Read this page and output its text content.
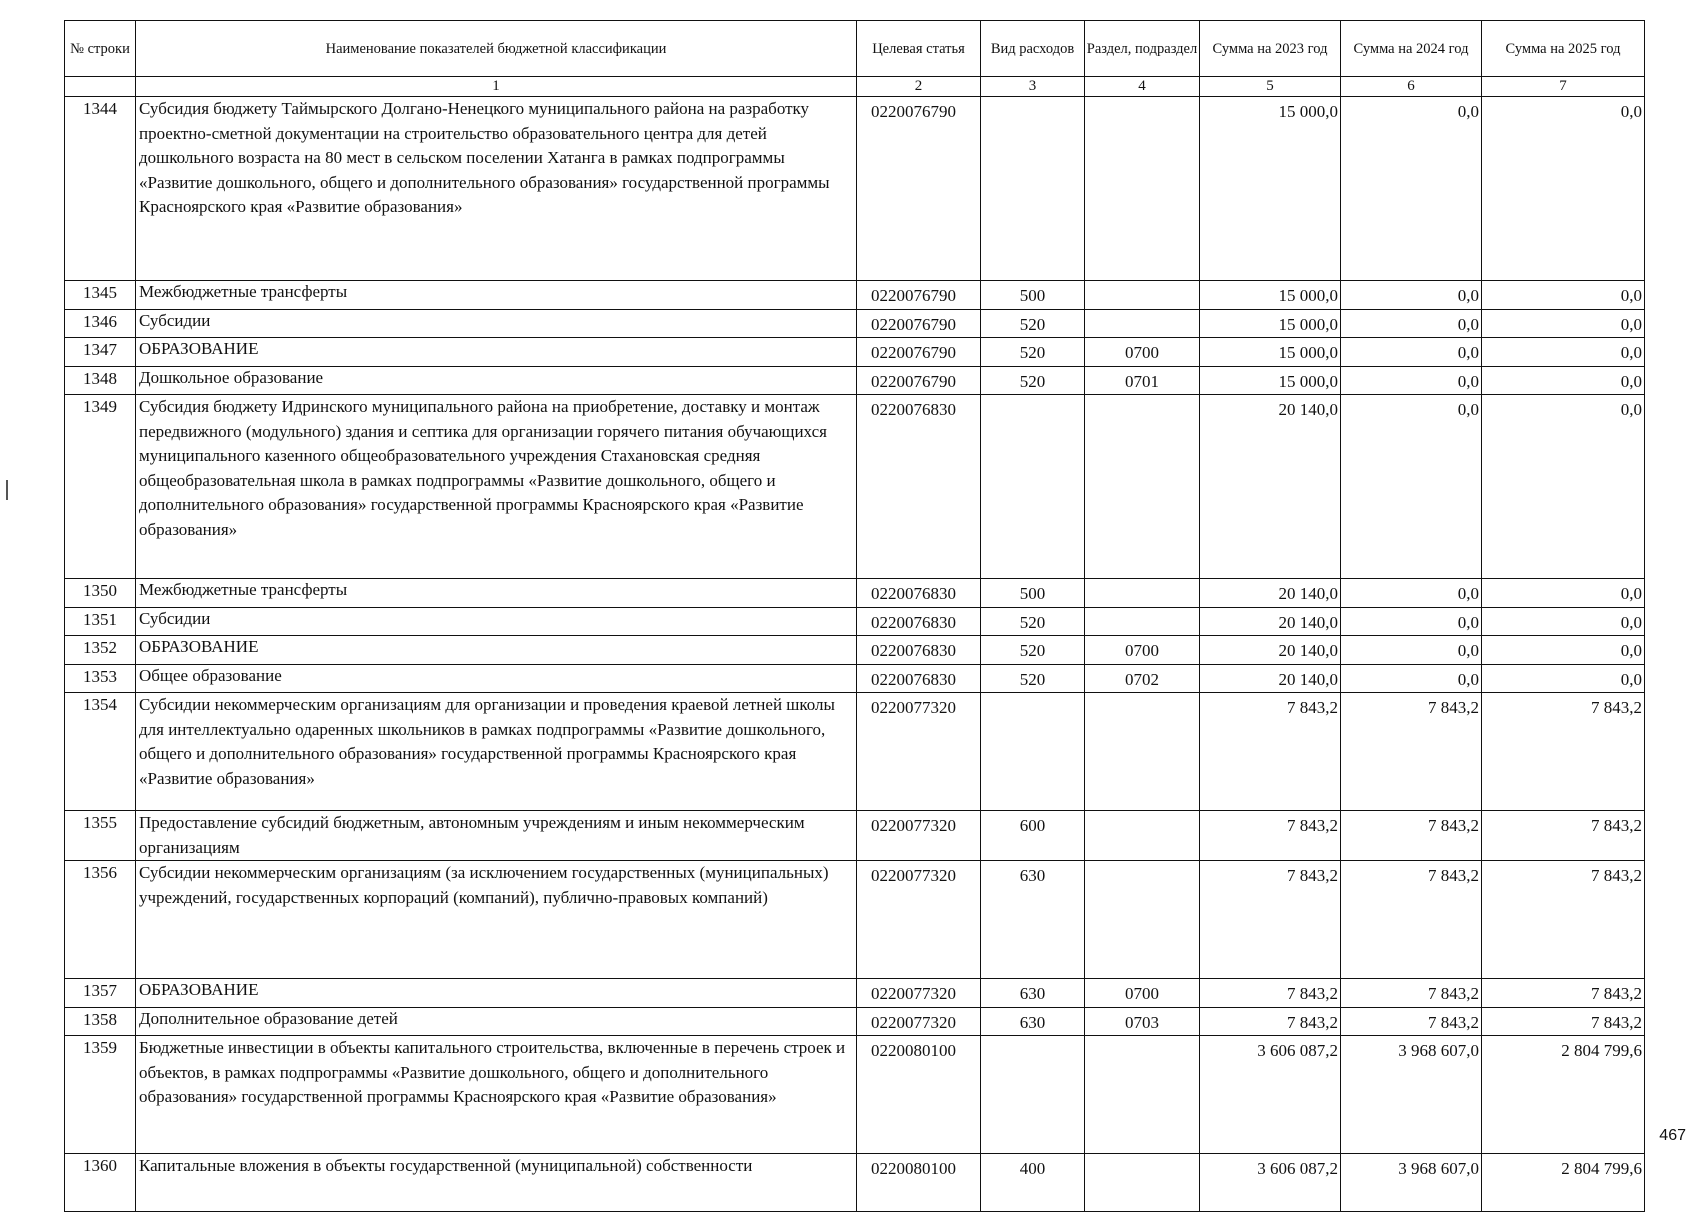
№ строки	Наименование показателей бюджетной классификации	Целевая статья	Вид расходов	Раздел, подраздел	Сумма на 2023 год	Сумма на 2024 год	Сумма на 2025 год
	1	2	3	4	5	6	7
1344	Субсидия бюджету Таймырского Долгано-Ненецкого муниципального района на разработку проектно-сметной документации на строительство образовательного центра для детей дошкольного возраста на 80 мест в сельском поселении Хатанга в рамках подпрограммы «Развитие дошкольного, общего и дополнительного образования» государственной программы Красноярского края «Развитие образования»	0220076790			15 000,0	0,0	0,0
1345	Межбюджетные трансферты	0220076790	500		15 000,0	0,0	0,0
1346	Субсидии	0220076790	520		15 000,0	0,0	0,0
1347	ОБРАЗОВАНИЕ	0220076790	520	0700	15 000,0	0,0	0,0
1348	Дошкольное образование	0220076790	520	0701	15 000,0	0,0	0,0
1349	Субсидия бюджету Идринского муниципального района на приобретение, доставку и монтаж передвижного (модульного) здания и септика для организации горячего питания обучающихся муниципального казенного общеобразовательного учреждения Стахановская средняя общеобразовательная школа в рамках подпрограммы «Развитие дошкольного, общего и дополнительного образования» государственной программы Красноярского края «Развитие образования»	0220076830			20 140,0	0,0	0,0
1350	Межбюджетные трансферты	0220076830	500		20 140,0	0,0	0,0
1351	Субсидии	0220076830	520		20 140,0	0,0	0,0
1352	ОБРАЗОВАНИЕ	0220076830	520	0700	20 140,0	0,0	0,0
1353	Общее образование	0220076830	520	0702	20 140,0	0,0	0,0
1354	Субсидии некоммерческим организациям для организации и проведения краевой летней школы для интеллектуально одаренных школьников в рамках подпрограммы «Развитие дошкольного, общего и дополнительного образования» государственной программы Красноярского края «Развитие образования»	0220077320			7 843,2	7 843,2	7 843,2
1355	Предоставление субсидий бюджетным, автономным учреждениям и иным некоммерческим организациям	0220077320	600		7 843,2	7 843,2	7 843,2
1356	Субсидии некоммерческим организациям (за исключением государственных (муниципальных) учреждений, государственных корпораций (компаний), публично-правовых компаний)	0220077320	630		7 843,2	7 843,2	7 843,2
1357	ОБРАЗОВАНИЕ	0220077320	630	0700	7 843,2	7 843,2	7 843,2
1358	Дополнительное образование детей	0220077320	630	0703	7 843,2	7 843,2	7 843,2
1359	Бюджетные инвестиции в объекты капитального строительства, включенные в перечень строек и объектов, в рамках подпрограммы «Развитие дошкольного, общего и дополнительного образования» государственной программы Красноярского края «Развитие образования»	0220080100			3 606 087,2	3 968 607,0	2 804 799,6
1360	Капитальные вложения в объекты государственной (муниципальной) собственности	0220080100	400		3 606 087,2	3 968 607,0	2 804 799,6
467
